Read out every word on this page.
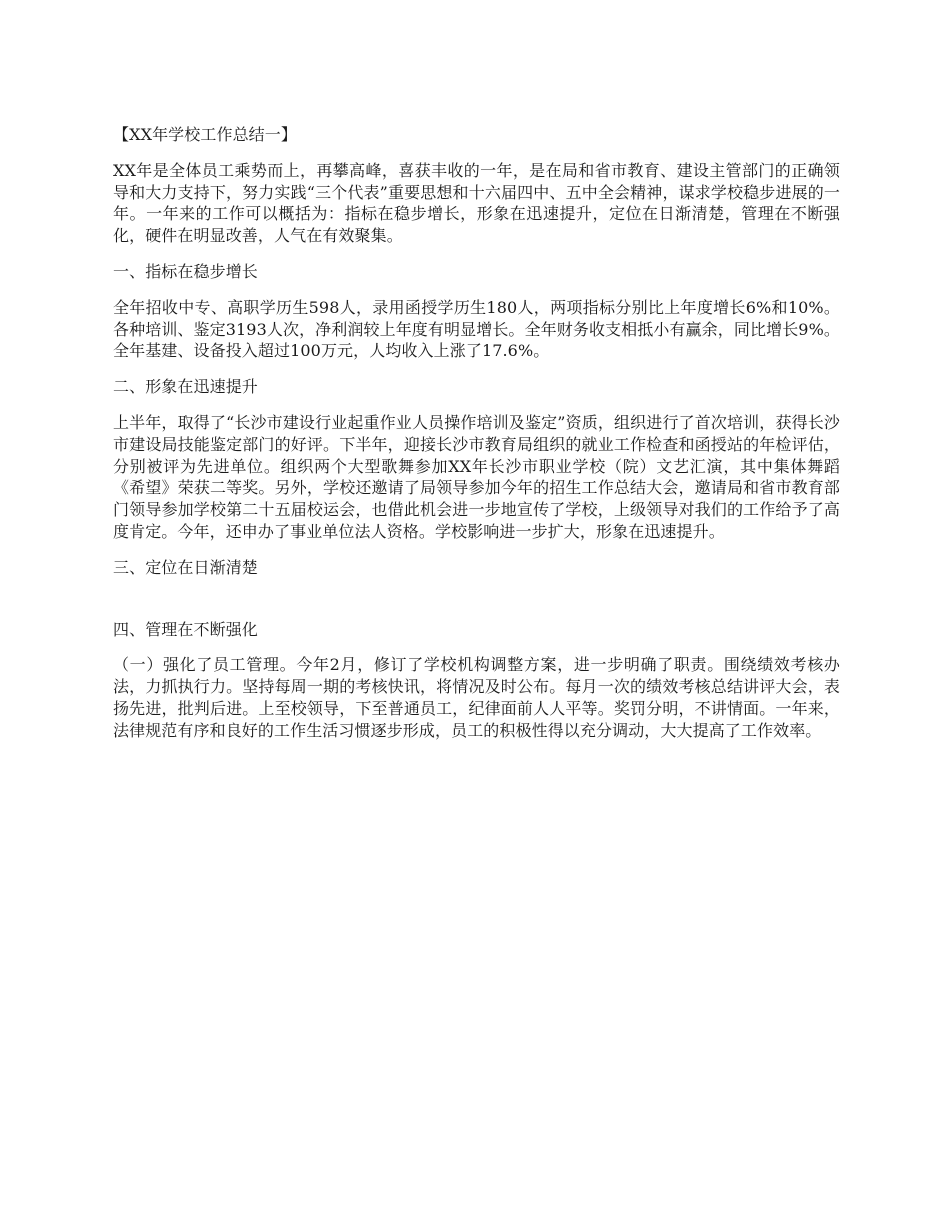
【XX年学校工作总结一】

XX年是全体员工乘势而上，再攀高峰，喜获丰收的一年，是在局和省市教育、建设主管部门的正确领导和大力支持下，努力实践“三个代表”重要思想和十六届四中、五中全会精神，谋求学校稳步进展的一年。一年来的工作可以概括为：指标在稳步增长，形象在迅速提升，定位在日渐清楚，管理在不断强化，硬件在明显改善，人气在有效聚集。

一、指标在稳步增长

全年招收中专、高职学历生598人，录用函授学历生180人，两项指标分别比上年度增长6%和10%。各种培训、鉴定3193人次，净利润较上年度有明显增长。全年财务收支相抵小有赢余，同比增长9%。全年基建、设备投入超过100万元，人均收入上涨了17.6%。

二、形象在迅速提升

上半年，取得了“长沙市建设行业起重作业人员操作培训及鉴定”资质，组织进行了首次培训，获得长沙市建设局技能鉴定部门的好评。下半年，迎接长沙市教育局组织的就业工作检查和函授站的年检评估，分别被评为先进单位。组织两个大型歌舞参加XX年长沙市职业学校（院）文艺汇演，其中集体舞蹈《希望》荣获二等奖。另外，学校还邀请了局领导参加今年的招生工作总结大会，邀请局和省市教育部门领导参加学校第二十五届校运会，也借此机会进一步地宣传了学校，上级领导对我们的工作给予了高度肯定。今年，还申办了事业单位法人资格。学校影响进一步扩大，形象在迅速提升。

三、定位在日渐清楚

四、管理在不断强化

（一）强化了员工管理。今年2月，修订了学校机构调整方案，进一步明确了职责。围绕绩效考核办法，力抓执行力。坚持每周一期的考核快讯，将情况及时公布。每月一次的绩效考核总结讲评大会，表扬先进，批判后进。上至校领导，下至普通员工，纪律面前人人平等。奖罚分明，不讲情面。一年来，法律规范有序和良好的工作生活习惯逐步形成，员工的积极性得以充分调动，大大提高了工作效率。
